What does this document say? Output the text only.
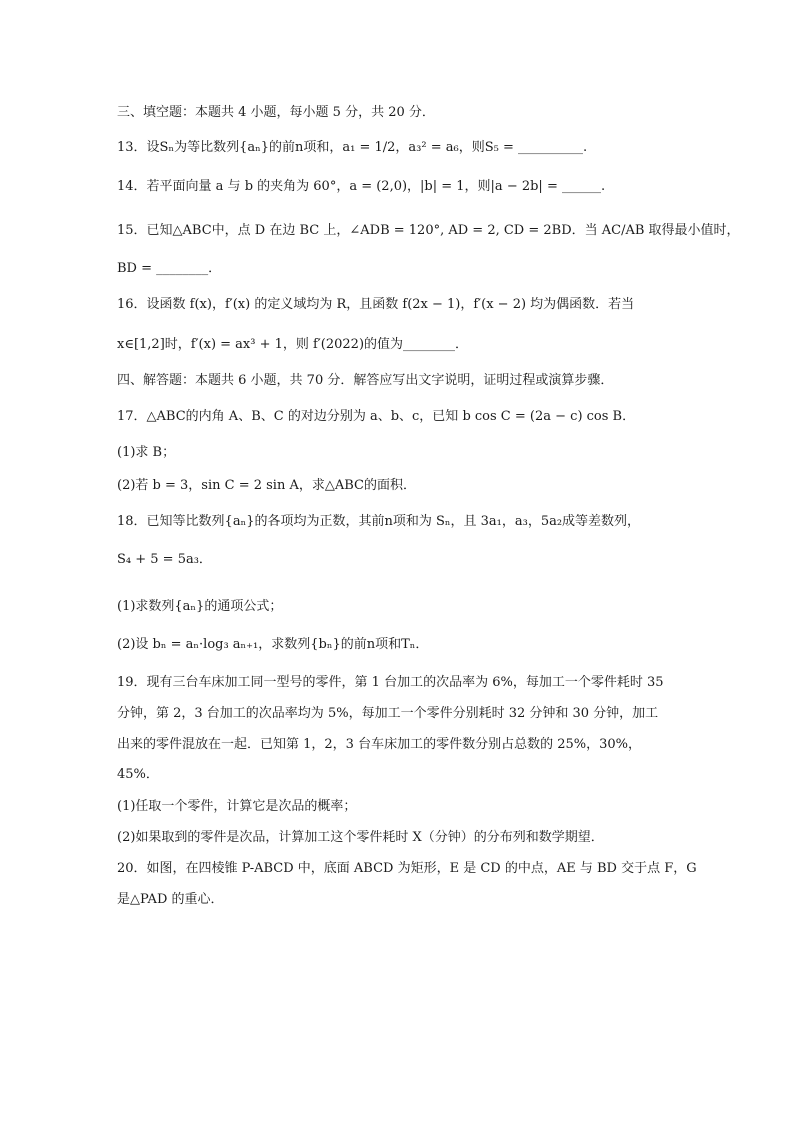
三、填空题：本题共 4 小题，每小题 5 分，共 20 分．
13．设Sₙ为等比数列{aₙ}的前n项和，a₁ = 1/2，a₃² = a₆，则S₅ = __________.
14．若平面向量 a 与 b 的夹角为 60°，a = (2,0)，|b| = 1，则|a − 2b| = ______.
15．已知△ABC中，点 D 在边 BC 上，∠ADB = 120°, AD = 2, CD = 2BD．当 AC/AB 取得最小值时，
BD = ________．
16．设函数 f(x)，f′(x) 的定义域均为 R，且函数 f(2x − 1)，f′(x − 2) 均为偶函数．若当
x∈[1,2]时，f′(x) = ax³ + 1，则 f′(2022)的值为________．
四、解答题：本题共 6 小题，共 70 分．解答应写出文字说明，证明过程或演算步骤．
17．△ABC的内角 A、B、C 的对边分别为 a、b、c，已知 b cos C = (2a − c) cos B．
(1)求 B；
(2)若 b = 3，sin C = 2 sin A，求△ABC的面积．
18．已知等比数列{aₙ}的各项均为正数，其前n项和为 Sₙ，且 3a₁，a₃，5a₂成等差数列，
S₄ + 5 = 5a₃．
(1)求数列{aₙ}的通项公式；
(2)设 bₙ = aₙ·log₃ aₙ₊₁，求数列{bₙ}的前n项和Tₙ．
19．现有三台车床加工同一型号的零件，第 1 台加工的次品率为 6%，每加工一个零件耗时 35
分钟，第 2，3 台加工的次品率均为 5%，每加工一个零件分别耗时 32 分钟和 30 分钟，加工
出来的零件混放在一起．已知第 1，2，3 台车床加工的零件数分别占总数的 25%，30%，
45%．
(1)任取一个零件，计算它是次品的概率；
(2)如果取到的零件是次品，计算加工这个零件耗时 X（分钟）的分布列和数学期望．
20．如图，在四棱锥 P-ABCD 中，底面 ABCD 为矩形，E 是 CD 的中点，AE 与 BD 交于点 F，G
是△PAD 的重心．
